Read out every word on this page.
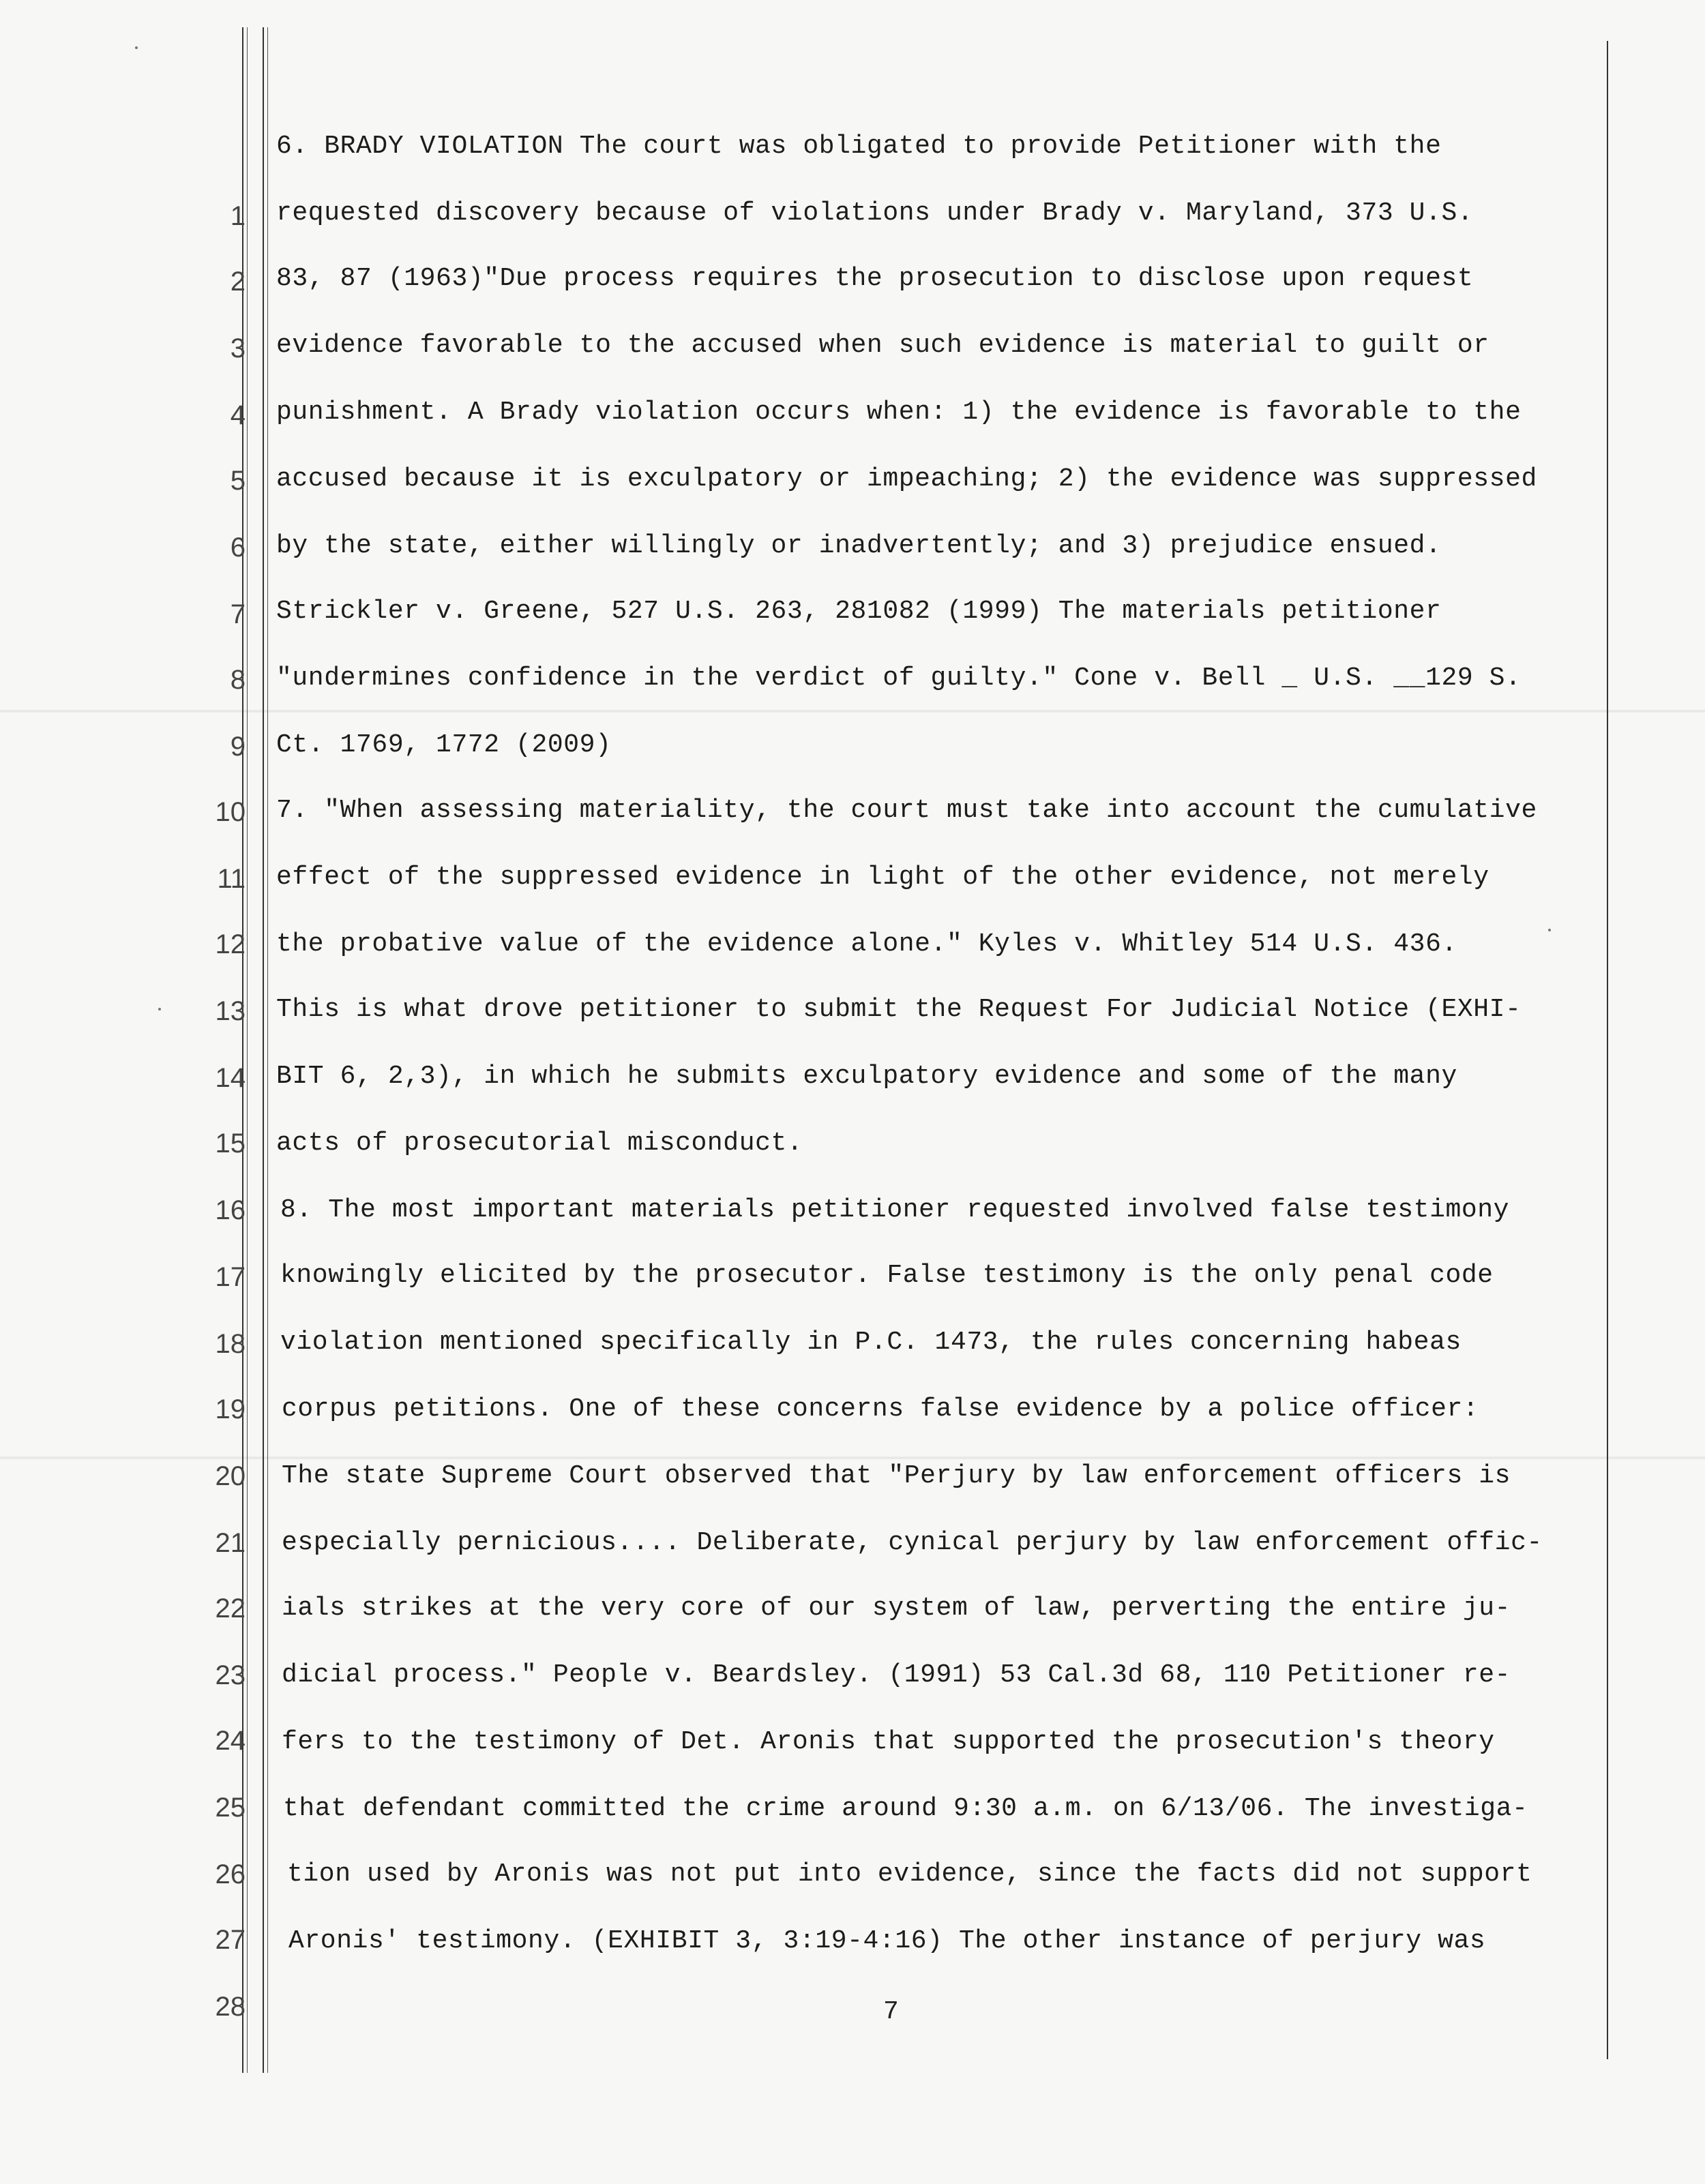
1
2
3
4
5
6
7
8
9
10
11
12
13
14
15
16
17
18
19
20
21
22
23
24
25
26
27
28
6. BRADY VIOLATION The court was obligated to provide Petitioner with the
requested discovery because of violations under Brady v. Maryland, 373 U.S.
83, 87 (1963)"Due process requires the prosecution to disclose upon request
evidence favorable to the accused when such evidence is material to guilt or
punishment. A Brady violation occurs when: 1) the evidence is favorable to the
accused because it is exculpatory or impeaching; 2) the evidence was suppressed
by the state, either willingly or inadvertently; and 3) prejudice ensued.
Strickler v. Greene, 527 U.S. 263, 281082 (1999) The materials petitioner
"undermines confidence in the verdict of guilty." Cone v. Bell _ U.S. __129 S.
Ct. 1769, 1772 (2009)
7. "When assessing materiality, the court must take into account the cumulative
effect of the suppressed evidence in light of the other evidence, not merely
the probative value of the evidence alone." Kyles v. Whitley 514 U.S. 436.
This is what drove petitioner to submit the Request For Judicial Notice (EXHI-
BIT 6, 2,3), in which he submits exculpatory evidence and some of the many
acts of prosecutorial misconduct.
8. The most important materials petitioner requested involved false testimony
knowingly elicited by the prosecutor. False testimony is the only penal code
violation mentioned specifically in P.C. 1473, the rules concerning habeas
corpus petitions. One of these concerns false evidence by a police officer:
The state Supreme Court observed that "Perjury by law enforcement officers is
especially pernicious.... Deliberate, cynical perjury by law enforcement offic-
ials strikes at the very core of our system of law, perverting the entire ju-
dicial process." People v. Beardsley. (1991) 53 Cal.3d 68, 110 Petitioner re-
fers to the testimony of Det. Aronis that supported the prosecution's theory
that defendant committed the crime around 9:30 a.m. on 6/13/06. The investiga-
tion used by Aronis was not put into evidence, since the facts did not support
Aronis' testimony. (EXHIBIT 3, 3:19-4:16) The other instance of perjury was
7
